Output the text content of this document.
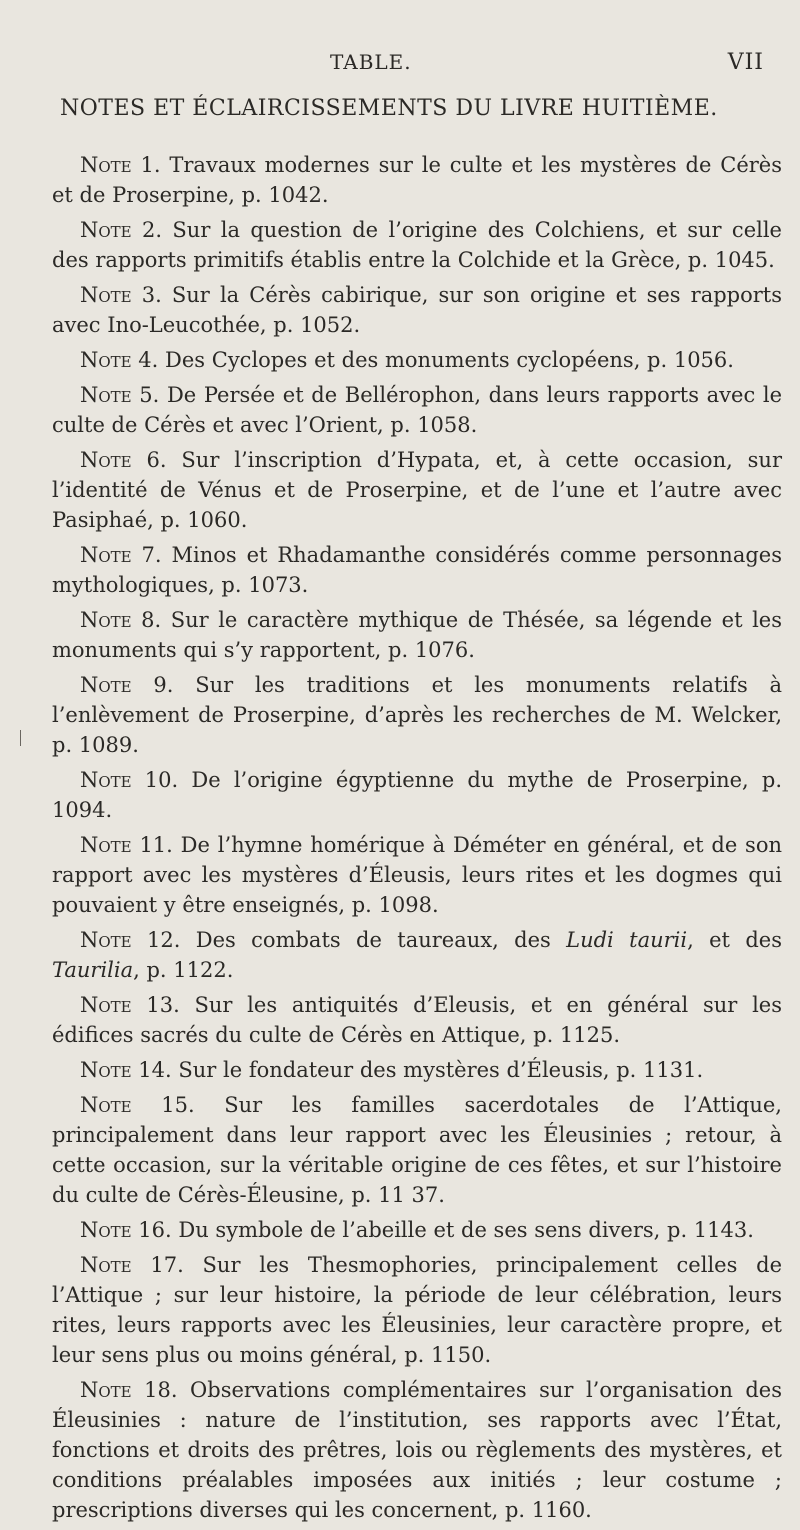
TABLE.	VII
NOTES ET ÉCLAIRCISSEMENTS DU LIVRE HUITIÈME.

Note 1. Travaux modernes sur le culte et les mystères de Cérès et de Proserpine, p. 1042.

Note 2. Sur la question de l’origine des Colchiens, et sur celle des rapports primitifs établis entre la Colchide et la Grèce, p. 1045.

Note 3. Sur la Cérès cabirique, sur son origine et ses rapports avec Ino-Leucothée, p. 1052.

Note 4. Des Cyclopes et des monuments cyclopéens, p. 1056.

Note 5. De Persée et de Bellérophon, dans leurs rapports avec le culte de Cérès et avec l’Orient, p. 1058.

Note 6. Sur l’inscription d’Hypata, et, à cette occasion, sur l’identité de Vénus et de Proserpine, et de l’une et l’autre avec Pasiphaé, p. 1060.

Note 7. Minos et Rhadamanthe considérés comme personnages mythologiques, p. 1073.

Note 8. Sur le caractère mythique de Thésée, sa légende et les monuments qui s’y rapportent, p. 1076.

Note 9. Sur les traditions et les monuments relatifs à l’enlèvement de Proserpine, d’après les recherches de M. Welcker, p. 1089.

Note 10. De l’origine égyptienne du mythe de Proserpine, p. 1094.

Note 11. De l’hymne homérique à Déméter en général, et de son rapport avec les mystères d’Éleusis, leurs rites et les dogmes qui pouvaient y être enseignés, p. 1098.

Note 12. Des combats de taureaux, des Ludi taurii, et des Taurilia, p. 1122.

Note 13. Sur les antiquités d’Eleusis, et en général sur les édifices sacrés du culte de Cérès en Attique, p. 1125.

Note 14. Sur le fondateur des mystères d’Éleusis, p. 1131.

Note 15. Sur les familles sacerdotales de l’Attique, principalement dans leur rapport avec les Éleusinies ; retour, à cette occasion, sur la véritable origine de ces fêtes, et sur l’histoire du culte de Cérès-Éleusine, p. 11 37.

Note 16. Du symbole de l’abeille et de ses sens divers, p. 1143.

Note 17. Sur les Thesmophories, principalement celles de l’Attique ; sur leur histoire, la période de leur célébration, leurs rites, leurs rapports avec les Éleusinies, leur caractère propre, et leur sens plus ou moins général, p. 1150.

Note 18. Observations complémentaires sur l’organisation des Éleusinies : nature de l’institution, ses rapports avec l’État, fonctions et droits des prêtres, lois ou règlements des mystères, et conditions préalables imposées aux initiés ; leur costume ; prescriptions diverses qui les concernent, p. 1160.
